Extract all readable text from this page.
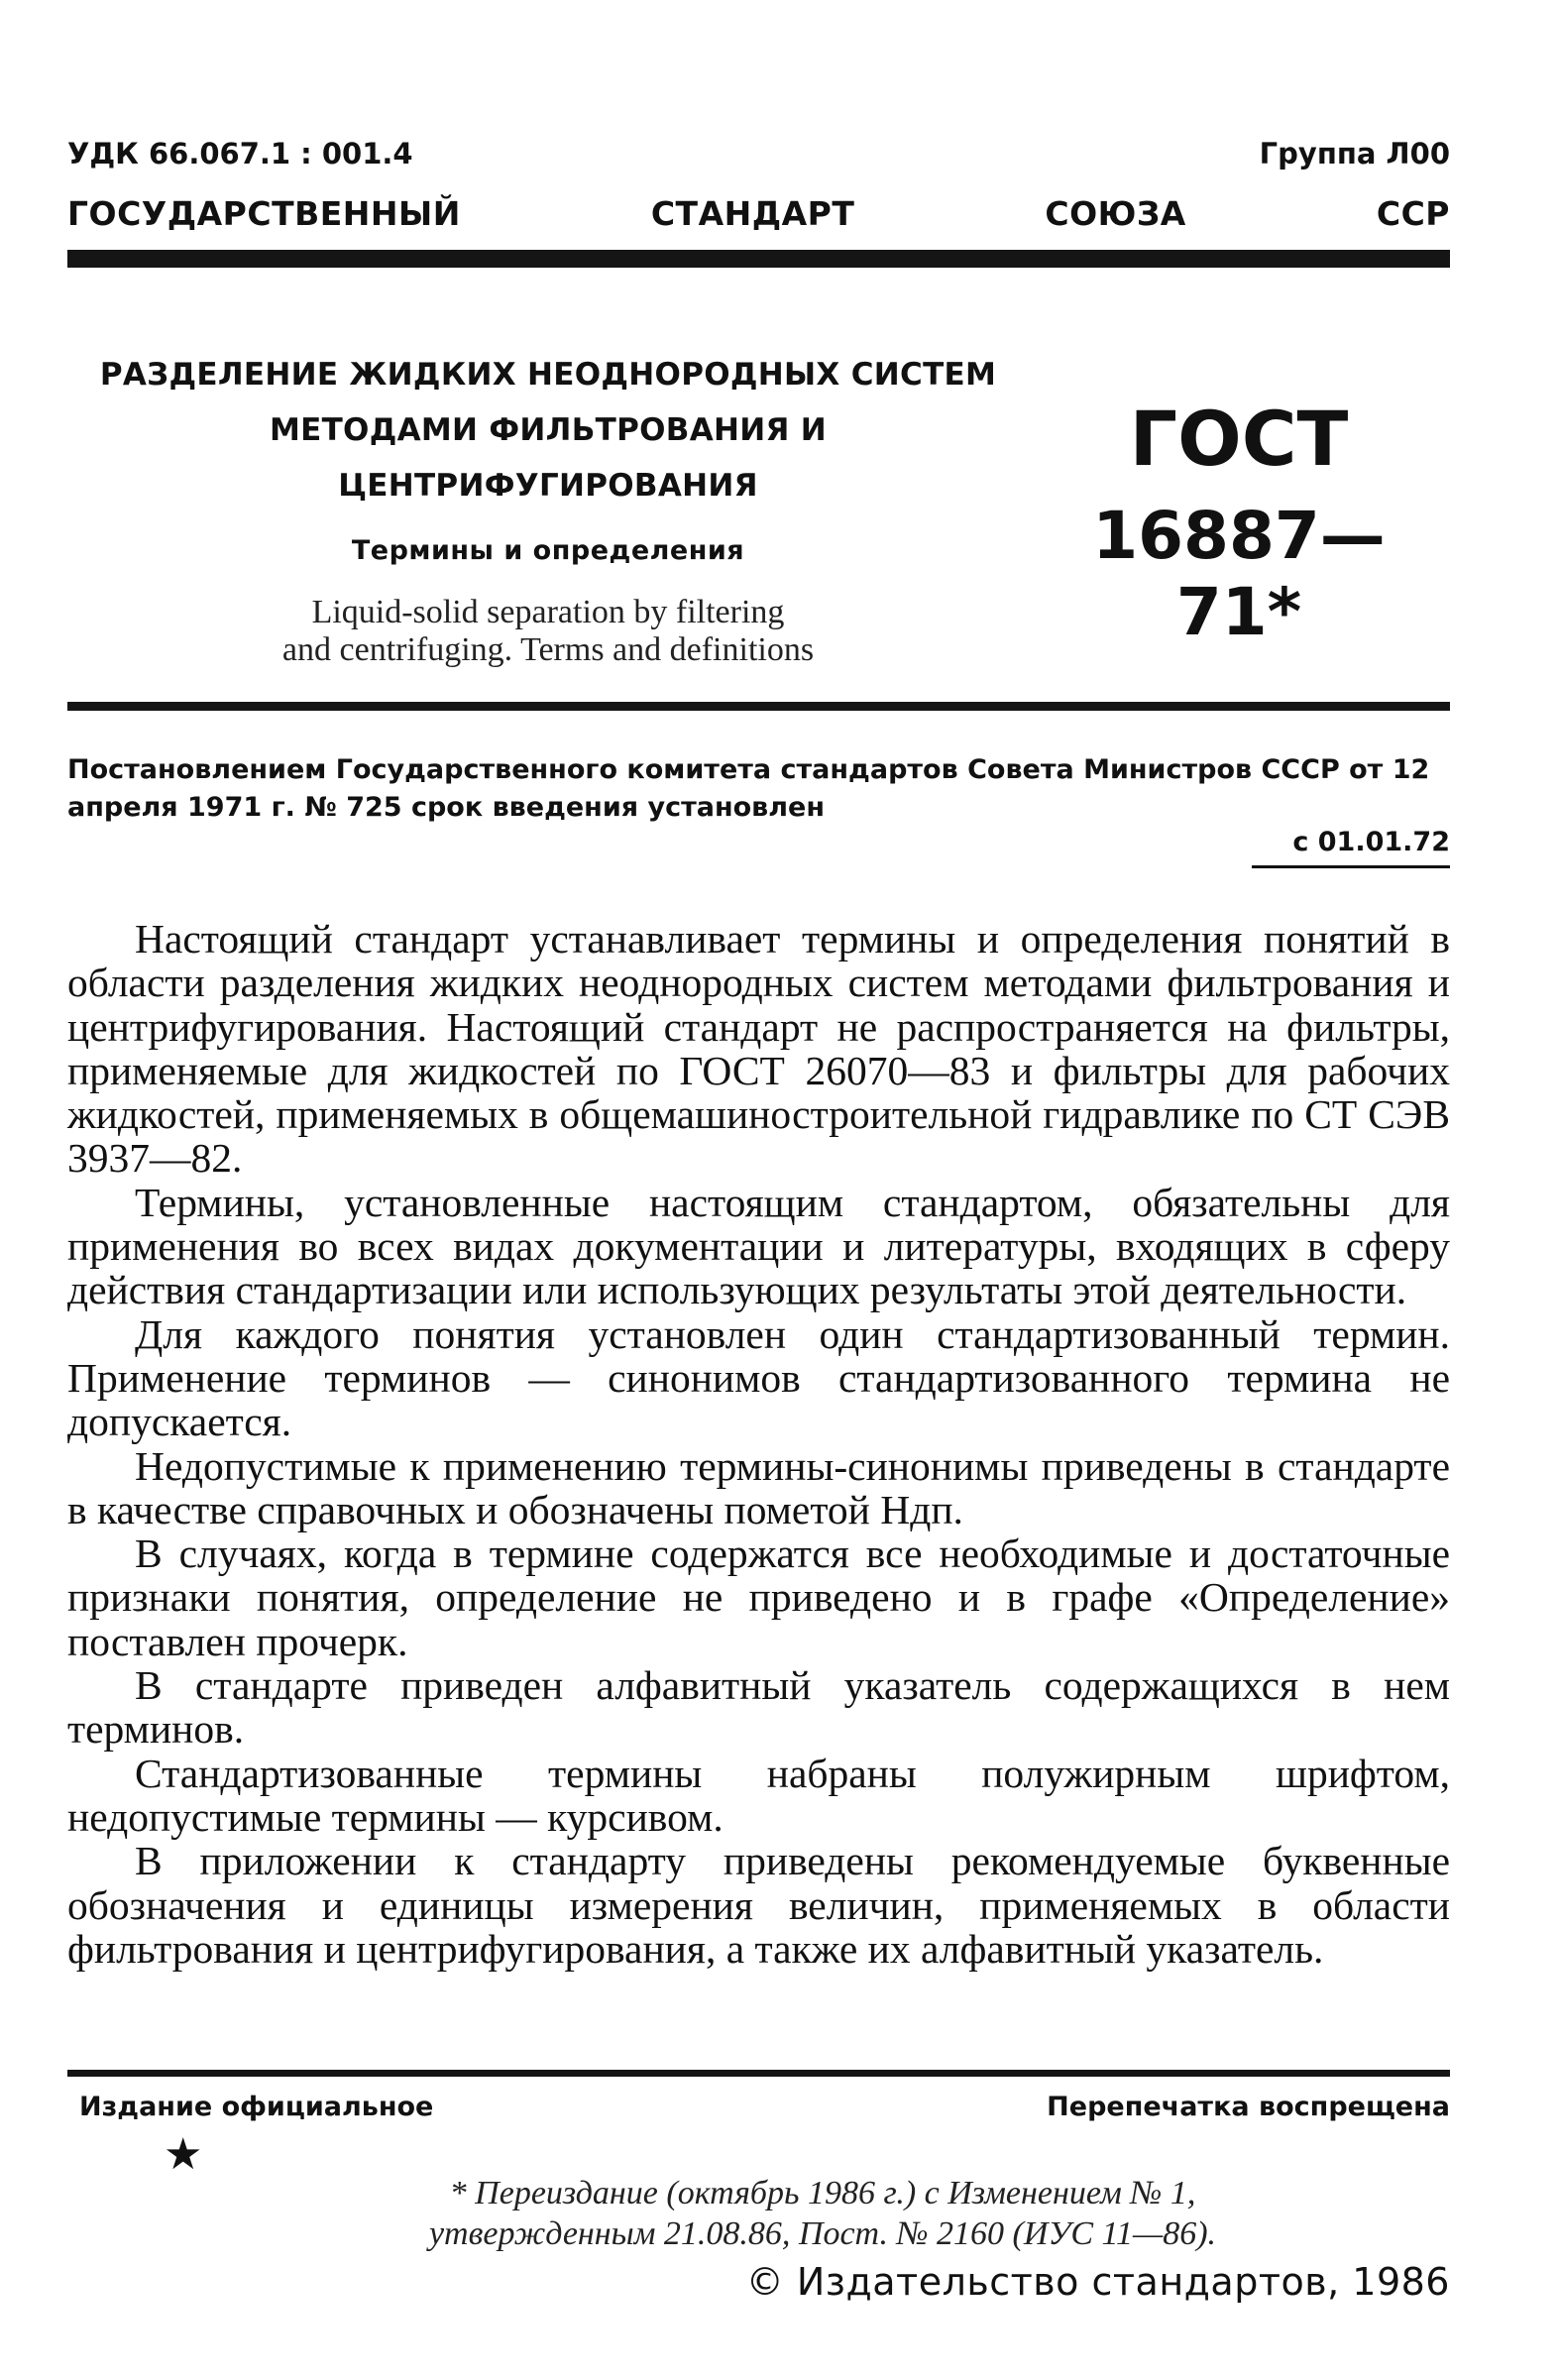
УДК 66.067.1 : 001.4	Группа Л00
ГОСУДАРСТВЕННЫЙ	СТАНДАРТ	СОЮЗА	ССР
РАЗДЕЛЕНИЕ ЖИДКИХ НЕОДНОРОДНЫХ СИСТЕМ
МЕТОДАМИ ФИЛЬТРОВАНИЯ И ЦЕНТРИФУГИРОВАНИЯ
Термины и определения
Liquid-solid separation by filtering
and centrifuging. Terms and definitions
ГОСТ
16887—71*
Постановлением Государственного комитета стандартов Совета Министров СССР от 12 апреля 1971 г. № 725 срок введения установлен
с 01.01.72

Настоящий стандарт устанавливает термины и определения понятий в области разделения жидких неоднородных систем методами фильтрования и центрифугирования. Настоящий стандарт не распространяется на фильтры, применяемые для жидкостей по ГОСТ 26070—83 и фильтры для рабочих жидкостей, применяемых в общемашиностроительной гидравлике по СТ СЭВ 3937—82.

Термины, установленные настоящим стандартом, обязательны для применения во всех видах документации и литературы, входящих в сферу действия стандартизации или использующих результаты этой деятельности.

Для каждого понятия установлен один стандартизованный термин. Применение терминов — синонимов стандартизованного термина не допускается.

Недопустимые к применению термины-синонимы приведены в стандарте в качестве справочных и обозначены пометой Ндп.

В случаях, когда в термине содержатся все необходимые и достаточные признаки понятия, определение не приведено и в графе «Определение» поставлен прочерк.

В стандарте приведен алфавитный указатель содержащихся в нем терминов.

Стандартизованные термины набраны полужирным шрифтом, недопустимые термины — курсивом.

В приложении к стандарту приведены рекомендуемые буквенные обозначения и единицы измерения величин, применяемых в области фильтрования и центрифугирования, а также их алфавитный указатель.

Издание официальное	Перепечатка воспрещена
★
* Переиздание (октябрь 1986 г.) с Изменением № 1,
утвержденным 21.08.86, Пост. № 2160 (ИУС 11—86).
© Издательство стандартов, 1986
